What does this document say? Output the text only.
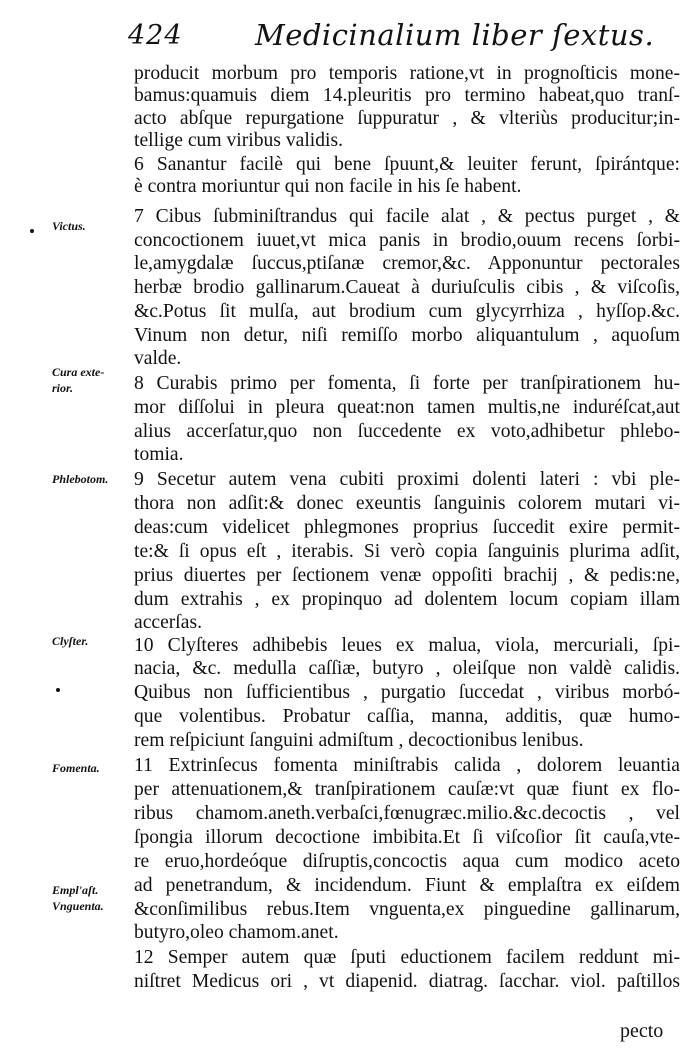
424 Medicinalium liber ſextus.
Victus.
Cura exte-
rior.
Phlebotom.
Clyſter.
Fomenta.
Empl'aſt.
Vnguenta.
producit morbum pro temporis ratione,vt in prognoſticis mone-
bamus:quamuis diem 14.pleuritis pro termino habeat,quo tranſ-
acto abſque repurgatione ſuppuratur , & vlteriùs producitur;in-
tellige cum viribus validis.
6 Sanantur facilè qui bene ſpuunt,& leuiter ferunt, ſpirántque:
è contra moriuntur qui non facile in his ſe habent.
7 Cibus ſubminiſtrandus qui facile alat , & pectus purget , &
concoctionem iuuet,vt mica panis in brodio,ouum recens ſorbi-
le,amygdalæ ſuccus,ptiſanæ cremor,&c. Apponuntur pectorales
herbæ brodio gallinarum.Caueat à duriuſculis cibis , & viſcoſis,
&c.Potus ſit mulſa, aut brodium cum glycyrrhiza , hyſſop.&c.
Vinum non detur, niſi remiſſo morbo aliquantulum , aquoſum
valde.
8 Curabis primo per fomenta, ſi forte per tranſpirationem hu-
mor diſſolui in pleura queat:non tamen multis,ne induréſcat,aut
alius accerſatur,quo non ſuccedente ex voto,adhibetur phlebo-
tomia.
9 Secetur autem vena cubiti proximi dolenti lateri : vbi ple-
thora non adſit:& donec exeuntis ſanguinis colorem mutari vi-
deas:cum videlicet phlegmones proprius ſuccedit exire permit-
te:& ſi opus eſt , iterabis. Si verò copia ſanguinis plurima adſit,
prius diuertes per ſectionem venæ oppoſiti brachij , & pedis:ne,
dum extrahis , ex propinquo ad dolentem locum copiam illam
accerſas.
10 Clyſteres adhibebis leues ex malua, viola, mercuriali, ſpi-
nacia, &c. medulla caſſiæ, butyro , oleiſque non valdè calidis.
Quibus non ſufficientibus , purgatio ſuccedat , viribus morbó-
que volentibus. Probatur caſſia, manna, additis, quæ humo-
rem reſpiciunt ſanguini admiſtum , decoctionibus lenibus.
11 Extrinſecus fomenta miniſtrabis calida , dolorem leuantia
per attenuationem,& tranſpirationem cauſæ:vt quæ fiunt ex flo-
ribus chamom.aneth.verbaſci,fœnugræc.milio.&c.decoctis , vel
ſpongia illorum decoctione imbibita.Et ſi viſcoſior ſit cauſa,vte-
re eruo,hordeóque diſruptis,concoctis aqua cum modico aceto
ad penetrandum, & incidendum. Fiunt & emplaſtra ex eiſdem
&conſimilibus rebus.Item vnguenta,ex pinguedine gallinarum,
butyro,oleo chamom.anet.
12 Semper autem quæ ſputi eductionem facilem reddunt mi-
niſtret Medicus ori , vt diapenid. diatrag. ſacchar. viol. paſtillos
pecto
